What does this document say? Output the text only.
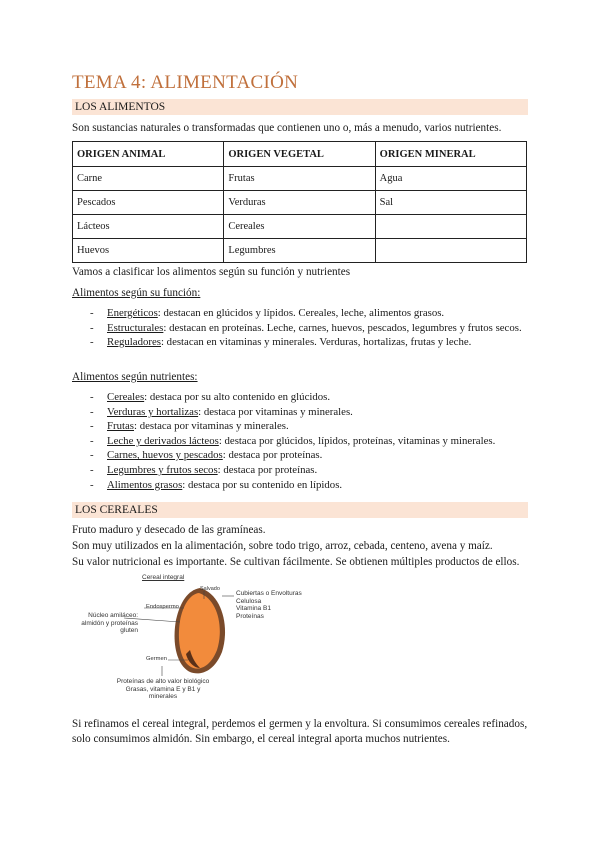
TEMA 4: ALIMENTACIÓN
LOS ALIMENTOS

Son sustancias naturales o transformadas que contienen uno o, más a menudo, varios nutrientes.

ORIGEN ANIMAL	ORIGEN VEGETAL	ORIGEN MINERAL
Carne	Frutas	Agua
Pescados	Verduras	Sal
Lácteos	Cereales	
Huevos	Legumbres	

Vamos a clasificar los alimentos según su función y nutrientes

Alimentos según su función:

- Energéticos: destacan en glúcidos y lípidos. Cereales, leche, alimentos grasos.
- Estructurales: destacan en proteínas. Leche, carnes, huevos, pescados, legumbres y frutos secos.
- Reguladores: destacan en vitaminas y minerales. Verduras, hortalizas, frutas y leche.

Alimentos según nutrientes:

- Cereales: destaca por su alto contenido en glúcidos.
- Verduras y hortalizas: destaca por vitaminas y minerales.
- Frutas: destaca por vitaminas y minerales.
- Leche y derivados lácteos: destaca por glúcidos, lípidos, proteínas, vitaminas y minerales.
- Carnes, huevos y pescados: destaca por proteínas.
- Legumbres y frutos secos: destaca por proteínas.
- Alimentos grasos: destaca por su contenido en lípidos.
LOS CEREALES

Fruto maduro y desecado de las gramíneas.

Son muy utilizados en la alimentación, sobre todo trigo, arroz, cebada, centeno, avena y maíz.

Su valor nutricional es importante. Se cultivan fácilmente. Se obtienen múltiples productos de ellos.

Cereal integral
Salvado
Endospermo
Germen
Núcleo amiláceo:
almidón y proteínas
gluten
Cubiertas o Envolturas
Celulosa
Vitamina B1
Proteínas
Proteínas de alto valor biológico
Grasas, vitamina E y B1 y
minerales

Si refinamos el cereal integral, perdemos el germen y la envoltura. Si consumimos cereales refinados, solo consumimos almidón. Sin embargo, el cereal integral aporta muchos nutrientes.
